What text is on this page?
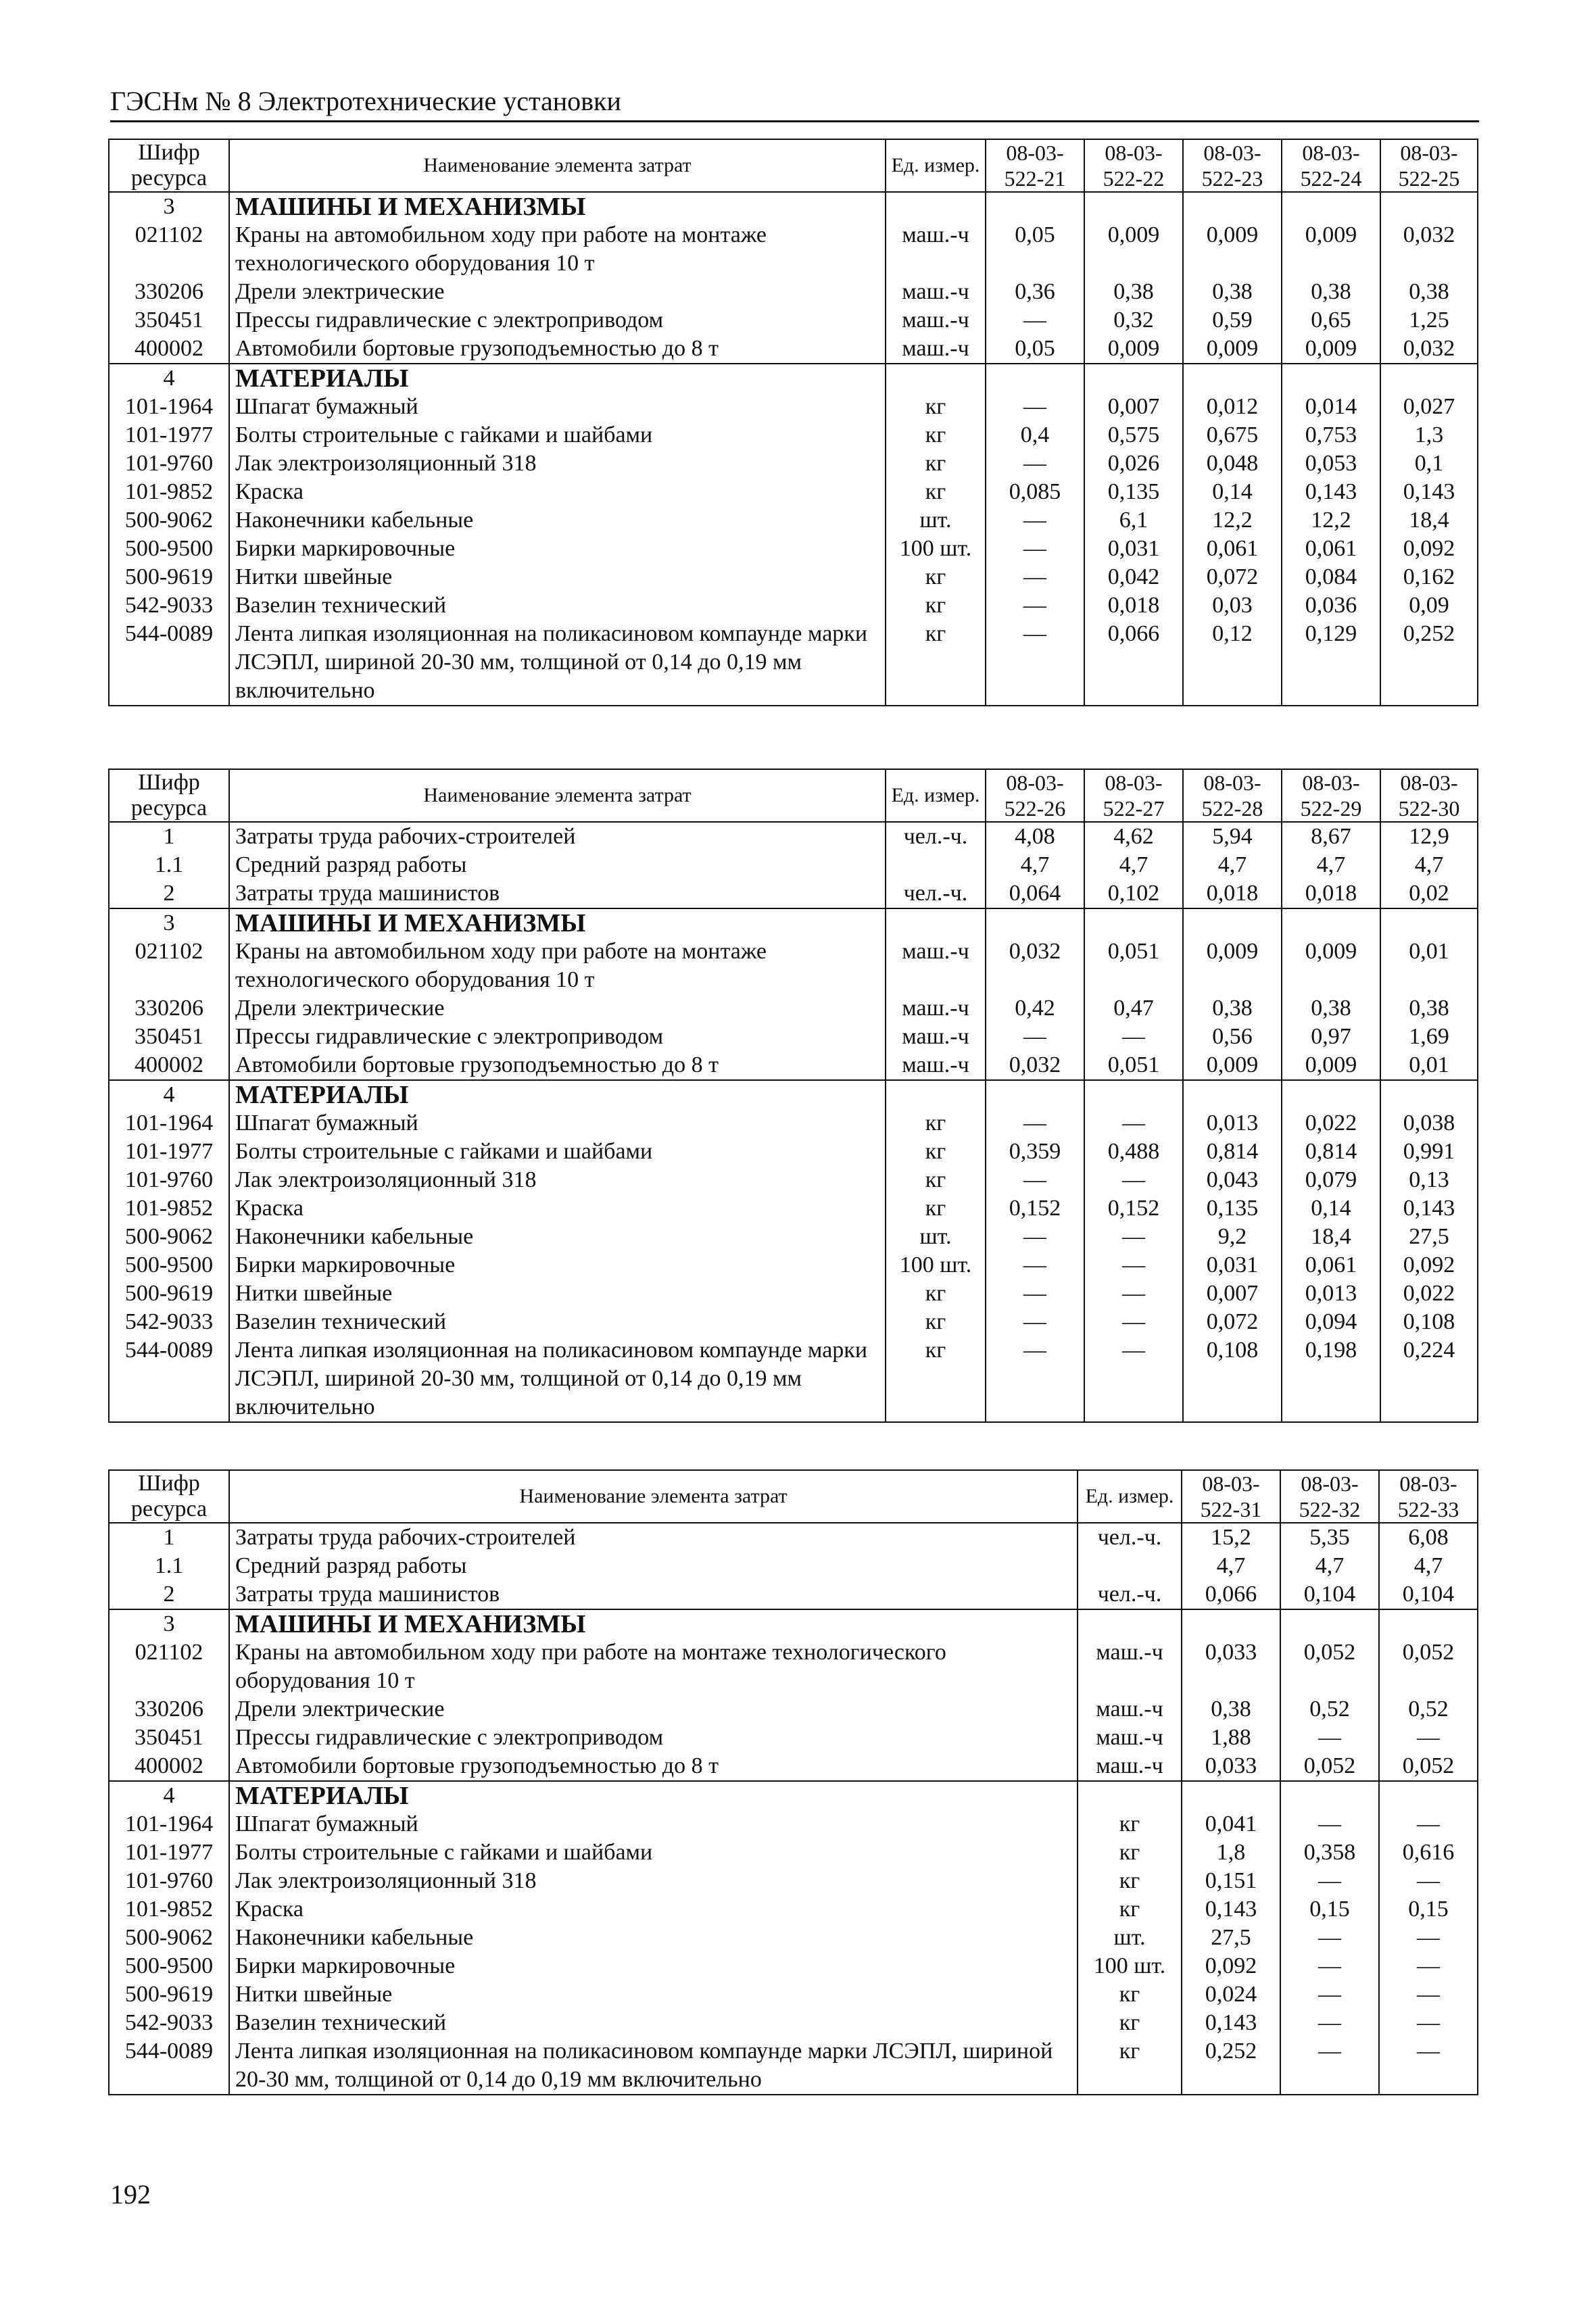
ГЭСНм № 8 Электротехнические установки
Шифр ресурса	Наименование элемента затрат	Ед. измер.	08-03-522-21	08-03-522-22	08-03-522-23	08-03-522-24	08-03-522-25
3	МАШИНЫ И МЕХАНИЗМЫ						
021102	Краны на автомобильном ходу при работе на монтаже технологического оборудования 10 т	маш.-ч	0,05	0,009	0,009	0,009	0,032
330206	Дрели электрические	маш.-ч	0,36	0,38	0,38	0,38	0,38
350451	Прессы гидравлические с электроприводом	маш.-ч	—	0,32	0,59	0,65	1,25
400002	Автомобили бортовые грузоподъемностью до 8 т	маш.-ч	0,05	0,009	0,009	0,009	0,032
4	МАТЕРИАЛЫ						
101-1964	Шпагат бумажный	кг	—	0,007	0,012	0,014	0,027
101-1977	Болты строительные с гайками и шайбами	кг	0,4	0,575	0,675	0,753	1,3
101-9760	Лак электроизоляционный 318	кг	—	0,026	0,048	0,053	0,1
101-9852	Краска	кг	0,085	0,135	0,14	0,143	0,143
500-9062	Наконечники кабельные	шт.	—	6,1	12,2	12,2	18,4
500-9500	Бирки маркировочные	100 шт.	—	0,031	0,061	0,061	0,092
500-9619	Нитки швейные	кг	—	0,042	0,072	0,084	0,162
542-9033	Вазелин технический	кг	—	0,018	0,03	0,036	0,09
544-0089	Лента липкая изоляционная на поликасиновом компаунде марки ЛСЭПЛ, шириной 20-30 мм, толщиной от 0,14 до 0,19 мм включительно	кг	—	0,066	0,12	0,129	0,252
Шифр ресурса	Наименование элемента затрат	Ед. измер.	08-03-522-26	08-03-522-27	08-03-522-28	08-03-522-29	08-03-522-30
1	Затраты труда рабочих-строителей	чел.-ч.	4,08	4,62	5,94	8,67	12,9
1.1	Средний разряд работы		4,7	4,7	4,7	4,7	4,7
2	Затраты труда машинистов	чел.-ч.	0,064	0,102	0,018	0,018	0,02
3	МАШИНЫ И МЕХАНИЗМЫ						
021102	Краны на автомобильном ходу при работе на монтаже технологического оборудования 10 т	маш.-ч	0,032	0,051	0,009	0,009	0,01
330206	Дрели электрические	маш.-ч	0,42	0,47	0,38	0,38	0,38
350451	Прессы гидравлические с электроприводом	маш.-ч	—	—	0,56	0,97	1,69
400002	Автомобили бортовые грузоподъемностью до 8 т	маш.-ч	0,032	0,051	0,009	0,009	0,01
4	МАТЕРИАЛЫ						
101-1964	Шпагат бумажный	кг	—	—	0,013	0,022	0,038
101-1977	Болты строительные с гайками и шайбами	кг	0,359	0,488	0,814	0,814	0,991
101-9760	Лак электроизоляционный 318	кг	—	—	0,043	0,079	0,13
101-9852	Краска	кг	0,152	0,152	0,135	0,14	0,143
500-9062	Наконечники кабельные	шт.	—	—	9,2	18,4	27,5
500-9500	Бирки маркировочные	100 шт.	—	—	0,031	0,061	0,092
500-9619	Нитки швейные	кг	—	—	0,007	0,013	0,022
542-9033	Вазелин технический	кг	—	—	0,072	0,094	0,108
544-0089	Лента липкая изоляционная на поликасиновом компаунде марки ЛСЭПЛ, шириной 20-30 мм, толщиной от 0,14 до 0,19 мм включительно	кг	—	—	0,108	0,198	0,224
Шифр ресурса	Наименование элемента затрат	Ед. измер.	08-03-522-31	08-03-522-32	08-03-522-33
1	Затраты труда рабочих-строителей	чел.-ч.	15,2	5,35	6,08
1.1	Средний разряд работы		4,7	4,7	4,7
2	Затраты труда машинистов	чел.-ч.	0,066	0,104	0,104
3	МАШИНЫ И МЕХАНИЗМЫ				
021102	Краны на автомобильном ходу при работе на монтаже технологического оборудования 10 т	маш.-ч	0,033	0,052	0,052
330206	Дрели электрические	маш.-ч	0,38	0,52	0,52
350451	Прессы гидравлические с электроприводом	маш.-ч	1,88	—	—
400002	Автомобили бортовые грузоподъемностью до 8 т	маш.-ч	0,033	0,052	0,052
4	МАТЕРИАЛЫ				
101-1964	Шпагат бумажный	кг	0,041	—	—
101-1977	Болты строительные с гайками и шайбами	кг	1,8	0,358	0,616
101-9760	Лак электроизоляционный 318	кг	0,151	—	—
101-9852	Краска	кг	0,143	0,15	0,15
500-9062	Наконечники кабельные	шт.	27,5	—	—
500-9500	Бирки маркировочные	100 шт.	0,092	—	—
500-9619	Нитки швейные	кг	0,024	—	—
542-9033	Вазелин технический	кг	0,143	—	—
544-0089	Лента липкая изоляционная на поликасиновом компаунде марки ЛСЭПЛ, шириной 20-30 мм, толщиной от 0,14 до 0,19 мм включительно	кг	0,252	—	—
192
